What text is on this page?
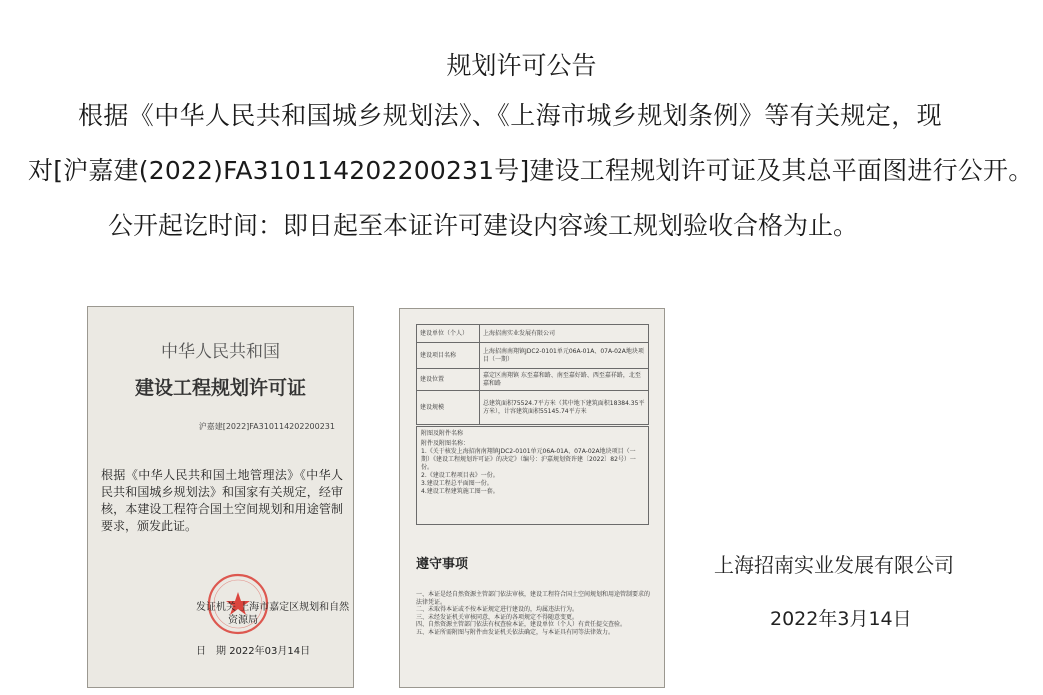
规划许可公告
根据《中华人民共和国城乡规划法》、《上海市城乡规划条例》等有关规定，现
对[沪嘉建(2022)FA310114202200231号]建设工程规划许可证及其总平面图进行公开。
公开起讫时间：即日起至本证许可建设内容竣工规划验收合格为止。
中华人民共和国
建设工程规划许可证
沪嘉建[2022]FA310114202200231
根据《中华人民共和国土地管理法》《中华人民共和国城乡规划法》和国家有关规定，经审核，本建设工程符合国土空间规划和用途管制要求，颁发此证。
发证机关 上海市嘉定区规划和自然
资源局
日　期 2022年03月14日
建设单位（个人）	上海招南实业发展有限公司
建设项目名称	上海招南南翔镇JDC2-0101单元06A-01A、07A-02A地块项目（一期）
建设位置	嘉定区南翔镇 东至嘉和路、南至嘉好路、西至嘉祥路，北至嘉和路
建设规模	总建筑面积75524.7平方米（其中地下建筑面积18384.35平方米），计容建筑面积55145.74平方米
附图及附件名称
附件及附图名称：
1.《关于核发上海招南南翔镇JDC2-0101单元06A-01A、07A-02A地块项目（一期）《建设工程规划许可证》的决定》（编号：沪嘉规划资许建〔2022〕82号）一份。
2.《建设工程项目表》一份。
3.建设工程总平面图一份。
4.建设工程建筑施工图一套。
遵守事项
一、本证是经自然资源主管部门依法审核，建设工程符合国土空间规划和用途管制要求的法律凭证。
二、未取得本证或不按本证规定进行建设的，均属违法行为。
三、未经发证机关审核同意，本证的各项规定不得随意变更。
四、自然资源主管部门依法有权查验本证，建设单位（个人）有责任提交查验。
五、本证所需附图与附件由发证机关依法确定，与本证具有同等法律效力。
上海招南实业发展有限公司
2022年3月14日
